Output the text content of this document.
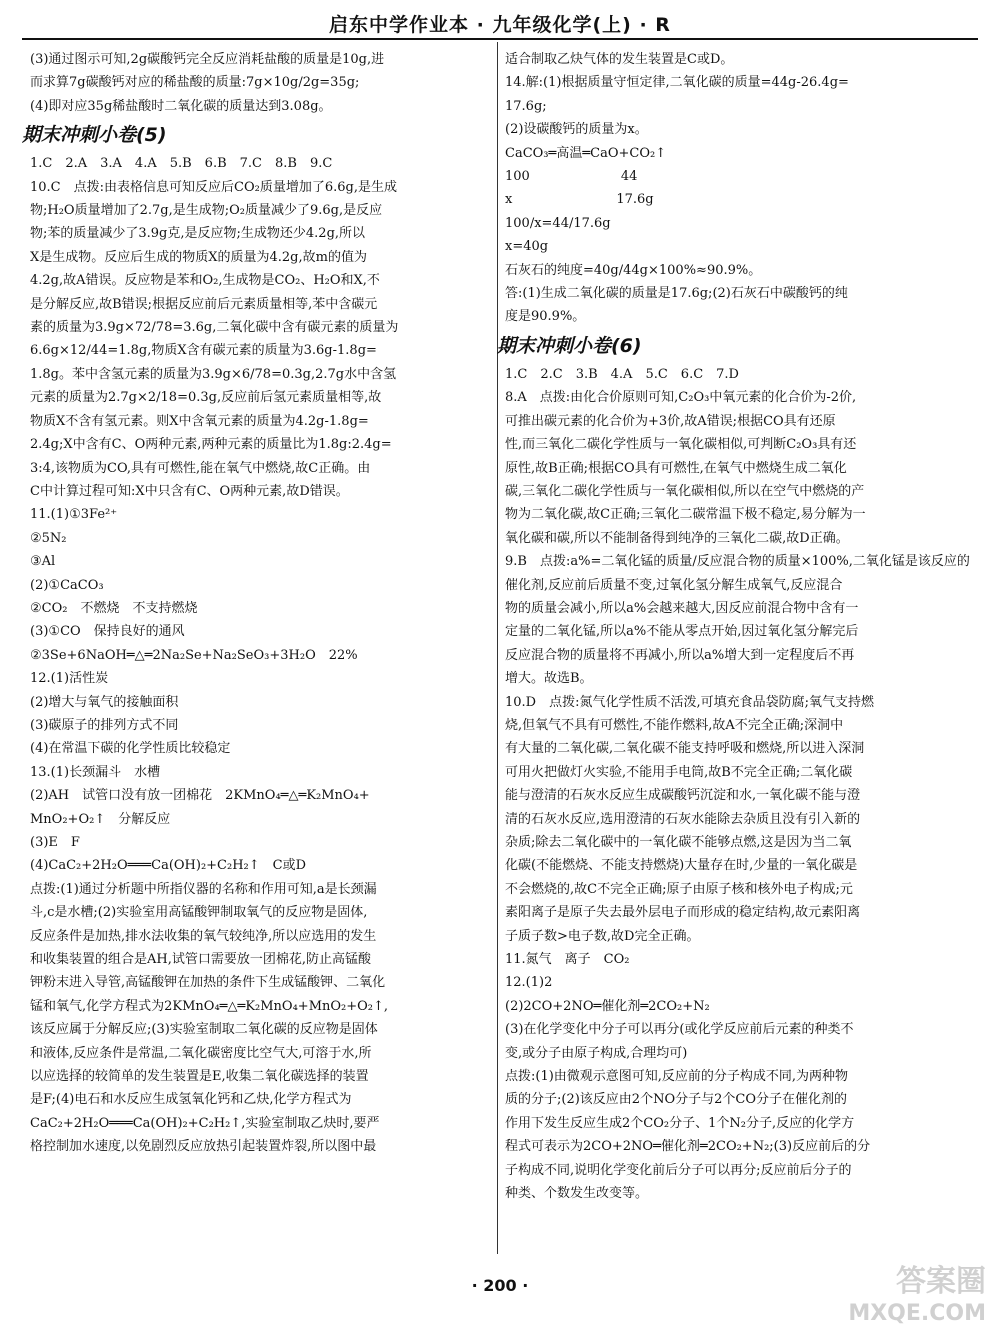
启东中学作业本 · 九年级化学(上) · R
(3)通过图示可知,2g碳酸钙完全反应消耗盐酸的质量是10g,进
而求算7g碳酸钙对应的稀盐酸的质量:7g×10g/2g=35g;
(4)即对应35g稀盐酸时二氧化碳的质量达到3.08g。
期末冲刺小卷(5)
1.C　2.A　3.A　4.A　5.B　6.B　7.C　8.B　9.C
10.C　点拨:由表格信息可知反应后CO₂质量增加了6.6g,是生成
物;H₂O质量增加了2.7g,是生成物;O₂质量减少了9.6g,是反应
物;苯的质量减少了3.9g克,是反应物;生成物还少4.2g,所以
X是生成物。反应后生成的物质X的质量为4.2g,故m的值为
4.2g,故A错误。反应物是苯和O₂,生成物是CO₂、H₂O和X,不
是分解反应,故B错误;根据反应前后元素质量相等,苯中含碳元
素的质量为3.9g×72/78=3.6g,二氧化碳中含有碳元素的质量为
6.6g×12/44=1.8g,物质X含有碳元素的质量为3.6g-1.8g=
1.8g。苯中含氢元素的质量为3.9g×6/78=0.3g,2.7g水中含氢
元素的质量为2.7g×2/18=0.3g,反应前后氢元素质量相等,故
物质X不含有氢元素。则X中含氧元素的质量为4.2g-1.8g=
2.4g;X中含有C、O两种元素,两种元素的质量比为1.8g:2.4g=
3:4,该物质为CO,具有可燃性,能在氧气中燃烧,故C正确。由
C中计算过程可知:X中只含有C、O两种元素,故D错误。
11.(1)①3Fe²⁺
②5N₂
③Al
(2)①CaCO₃
②CO₂　不燃烧　不支持燃烧
(3)①CO　保持良好的通风
②3Se+6NaOH═△═2Na₂Se+Na₂SeO₃+3H₂O　22%
12.(1)活性炭
(2)增大与氧气的接触面积
(3)碳原子的排列方式不同
(4)在常温下碳的化学性质比较稳定
13.(1)长颈漏斗　水槽
(2)AH　试管口没有放一团棉花　2KMnO₄═△═K₂MnO₄+
MnO₂+O₂↑　分解反应
(3)E　F
(4)CaC₂+2H₂O═══Ca(OH)₂+C₂H₂↑　C或D
点拨:(1)通过分析题中所指仪器的名称和作用可知,a是长颈漏
斗,c是水槽;(2)实验室用高锰酸钾制取氧气的反应物是固体,
反应条件是加热,排水法收集的氧气较纯净,所以应选用的发生
和收集装置的组合是AH,试管口需要放一团棉花,防止高锰酸
钾粉末进入导管,高锰酸钾在加热的条件下生成锰酸钾、二氧化
锰和氧气,化学方程式为2KMnO₄═△═K₂MnO₄+MnO₂+O₂↑,
该反应属于分解反应;(3)实验室制取二氧化碳的反应物是固体
和液体,反应条件是常温,二氧化碳密度比空气大,可溶于水,所
以应选择的较简单的发生装置是E,收集二氧化碳选择的装置
是F;(4)电石和水反应生成氢氧化钙和乙炔,化学方程式为
CaC₂+2H₂O═══Ca(OH)₂+C₂H₂↑,实验室制取乙炔时,要严
格控制加水速度,以免剧烈反应放热引起装置炸裂,所以图中最
适合制取乙炔气体的发生装置是C或D。
14.解:(1)根据质量守恒定律,二氧化碳的质量=44g-26.4g=
17.6g;
(2)设碳酸钙的质量为x。
CaCO₃═高温═CaO+CO₂↑
100　　　　　　　44
x　　　　　　　　17.6g
100/x=44/17.6g
x=40g
石灰石的纯度=40g/44g×100%≈90.9%。
答:(1)生成二氧化碳的质量是17.6g;(2)石灰石中碳酸钙的纯
度是90.9%。
期末冲刺小卷(6)
1.C　2.C　3.B　4.A　5.C　6.C　7.D
8.A　点拨:由化合价原则可知,C₂O₃中氧元素的化合价为-2价,
可推出碳元素的化合价为+3价,故A错误;根据CO具有还原
性,而三氧化二碳化学性质与一氧化碳相似,可判断C₂O₃具有还
原性,故B正确;根据CO具有可燃性,在氧气中燃烧生成二氧化
碳,三氧化二碳化学性质与一氧化碳相似,所以在空气中燃烧的产
物为二氧化碳,故C正确;三氧化二碳常温下极不稳定,易分解为一
氧化碳和碳,所以不能制备得到纯净的三氧化二碳,故D正确。
9.B　点拨:a%=二氧化锰的质量/反应混合物的质量×100%,二氧化锰是该反应的
催化剂,反应前后质量不变,过氧化氢分解生成氧气,反应混合
物的质量会减小,所以a%会越来越大,因反应前混合物中含有一
定量的二氧化锰,所以a%不能从零点开始,因过氧化氢分解完后
反应混合物的质量将不再减小,所以a%增大到一定程度后不再
增大。故选B。
10.D　点拨:氮气化学性质不活泼,可填充食品袋防腐;氧气支持燃
烧,但氧气不具有可燃性,不能作燃料,故A不完全正确;深洞中
有大量的二氧化碳,二氧化碳不能支持呼吸和燃烧,所以进入深洞
可用火把做灯火实验,不能用手电筒,故B不完全正确;二氧化碳
能与澄清的石灰水反应生成碳酸钙沉淀和水,一氧化碳不能与澄
清的石灰水反应,选用澄清的石灰水能除去杂质且没有引入新的
杂质;除去二氧化碳中的一氧化碳不能够点燃,这是因为当二氧
化碳(不能燃烧、不能支持燃烧)大量存在时,少量的一氧化碳是
不会燃烧的,故C不完全正确;原子由原子核和核外电子构成;元
素阳离子是原子失去最外层电子而形成的稳定结构,故元素阳离
子质子数>电子数,故D完全正确。
11.氮气　离子　CO₂
12.(1)2
(2)2CO+2NO═催化剂═2CO₂+N₂
(3)在化学变化中分子可以再分(或化学反应前后元素的种类不
变,或分子由原子构成,合理均可)
点拨:(1)由微观示意图可知,反应前的分子构成不同,为两种物
质的分子;(2)该反应由2个NO分子与2个CO分子在催化剂的
作用下发生反应生成2个CO₂分子、1个N₂分子,反应的化学方
程式可表示为2CO+2NO═催化剂═2CO₂+N₂;(3)反应前后的分
子构成不同,说明化学变化前后分子可以再分;反应前后分子的
种类、个数发生改变等。
· 200 ·	答案圈
MXQE.COM
